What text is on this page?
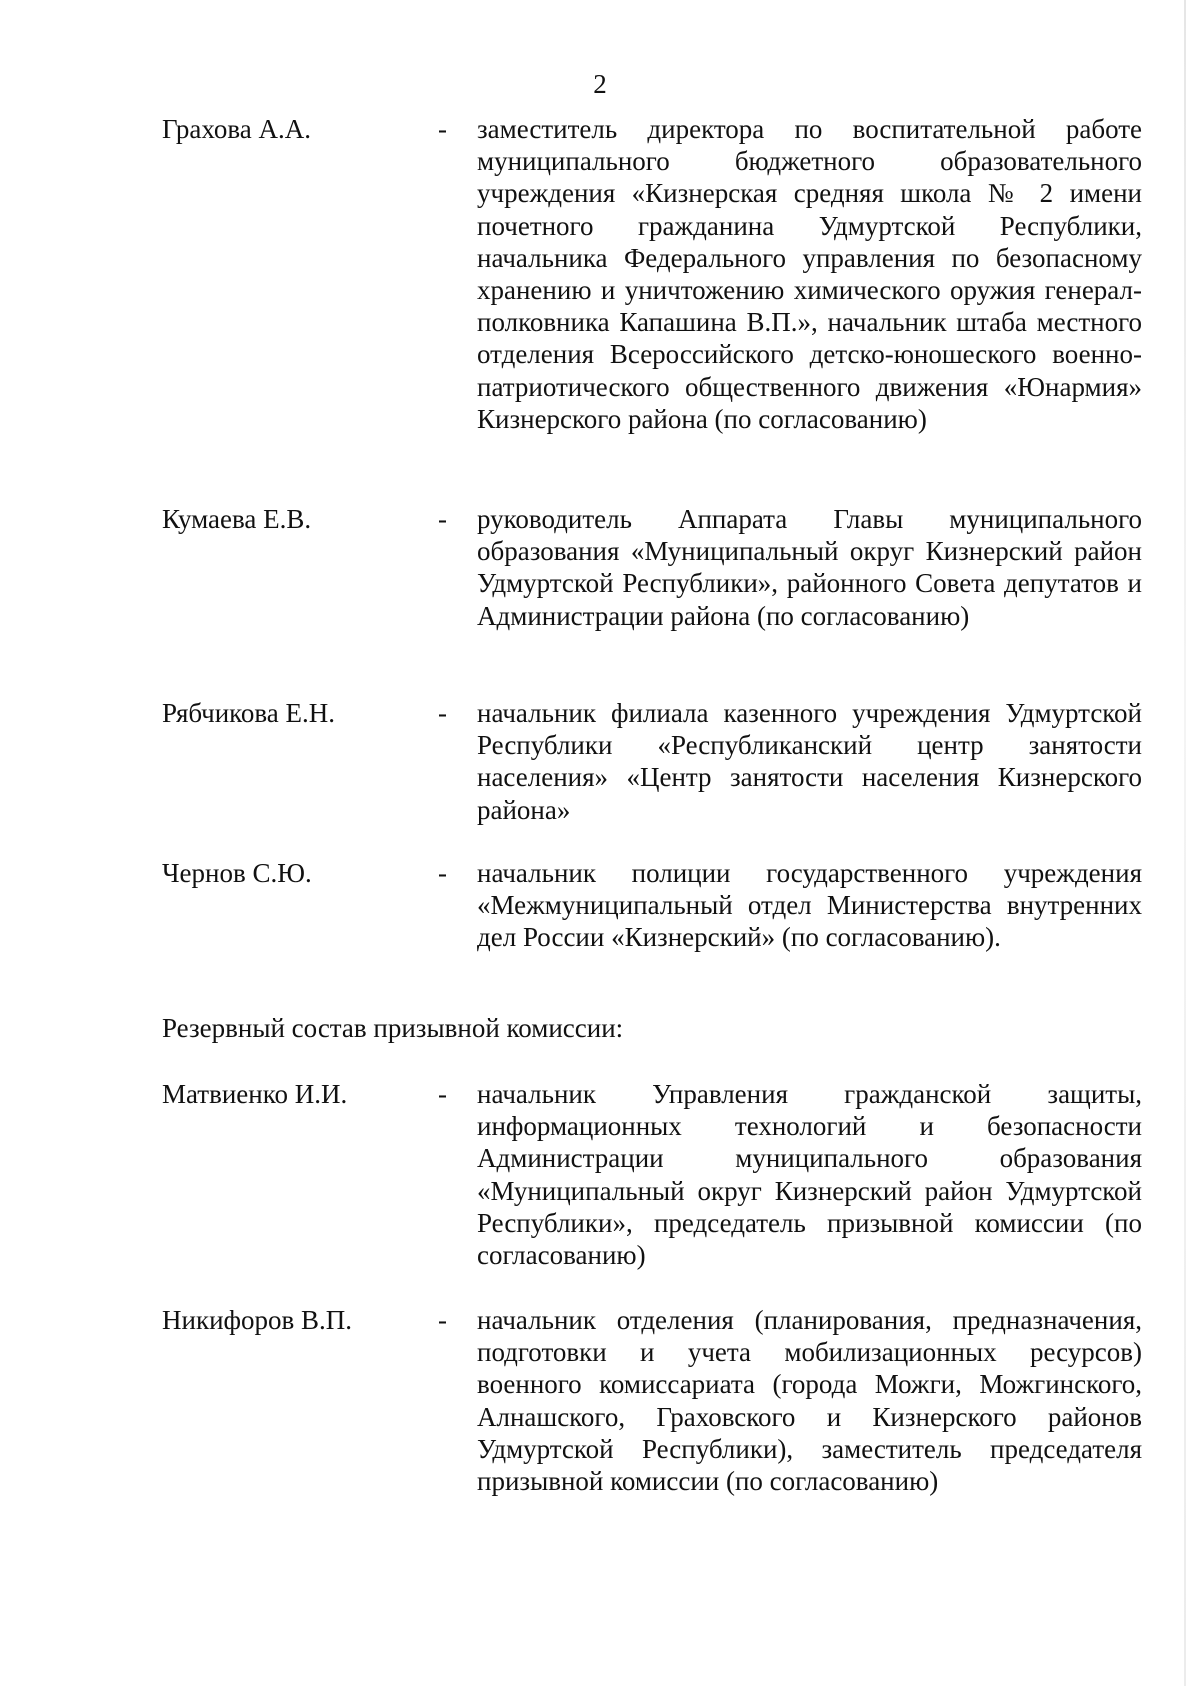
2
Грахова А.А.	- заместитель директора по воспитательной работе муниципального бюджетного образовательного учреждения «Кизнерская средняя школа № 2 имени почетного гражданина Удмуртской Республики, начальника Федерального управления по безопасному хранению и уничтожению химического оружия генерал-полковника Капашина В.П.», начальник штаба местного отделения Всероссийского детско-юношеского военно-патриотического общественного движения «Юнармия» Кизнерского района (по согласованию)
Кумаева Е.В.	- руководитель Аппарата Главы муниципального образования «Муниципальный округ Кизнерский район Удмуртской Республики», районного Совета депутатов и Администрации района (по согласованию)
Рябчикова Е.Н.	- начальник филиала казенного учреждения Удмуртской Республики «Республиканский центр занятости населения» «Центр занятости населения Кизнерского района»
Чернов С.Ю.	- начальник полиции государственного учреждения «Межмуниципальный отдел Министерства внутренних дел России «Кизнерский» (по согласованию).
Резервный состав призывной комиссии:
Матвиенко И.И.	- начальник Управления гражданской защиты, информационных технологий и безопасности Администрации муниципального образования «Муниципальный округ Кизнерский район Удмуртской Республики», председатель призывной комиссии (по согласованию)
Никифоров В.П.	- начальник отделения (планирования, предназначения, подготовки и учета мобилизационных ресурсов) военного комиссариата (города Можги, Можгинского, Алнашского, Граховского и Кизнерского районов Удмуртской Республики), заместитель председателя призывной комиссии (по согласованию)
